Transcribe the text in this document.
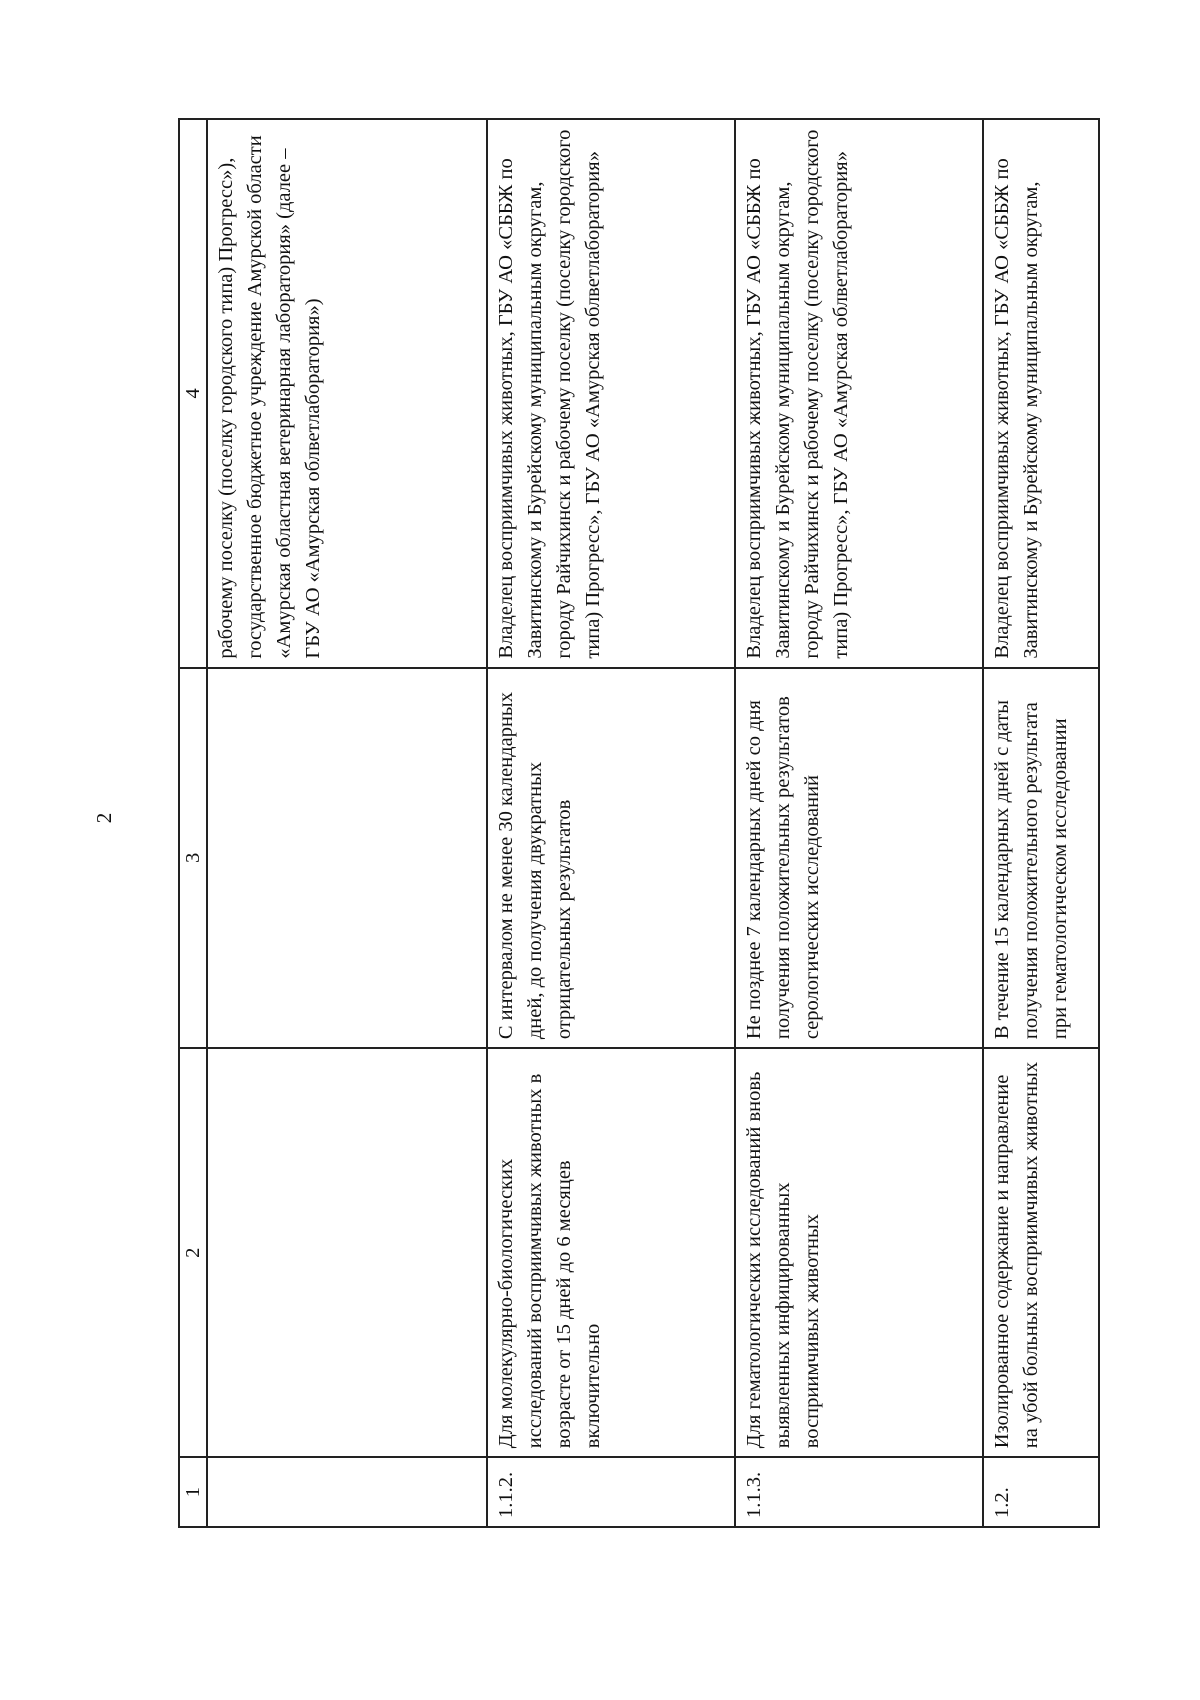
2
1	2	3	4
			рабочему поселку (поселку городского типа) Прогресс»), государственное бюджетное учреждение Амурской области «Амурская областная ветеринарная лаборатория» (далее – ГБУ АО «Амурская облветлаборатория»)
1.1.2.	Для молекулярно-биологических исследований восприимчивых животных в возрасте от 15 дней до 6 месяцев включительно	С интервалом не менее 30 календарных дней, до получения двукратных отрицательных результатов	Владелец восприимчивых животных, ГБУ АО «СББЖ по Завитинскому и Бурейскому муниципальным округам, городу Райчихинск и рабочему поселку (поселку городского типа) Прогресс», ГБУ АО «Амурская облветлаборатория»
1.1.3.	Для гематологических исследований вновь выявленных инфицированных восприимчивых животных	Не позднее 7 календарных дней со дня получения положительных результатов серологических исследований	Владелец восприимчивых животных, ГБУ АО «СББЖ по Завитинскому и Бурейскому муниципальным округам, городу Райчихинск и рабочему поселку (поселку городского типа) Прогресс», ГБУ АО «Амурская облветлаборатория»
1.2.	Изолированное содержание и направление на убой больных восприимчивых животных	В течение 15 календарных дней с даты получения положительного результата при гематологическом исследовании	Владелец восприимчивых животных, ГБУ АО «СББЖ по Завитинскому и Бурейскому муниципальным округам,
